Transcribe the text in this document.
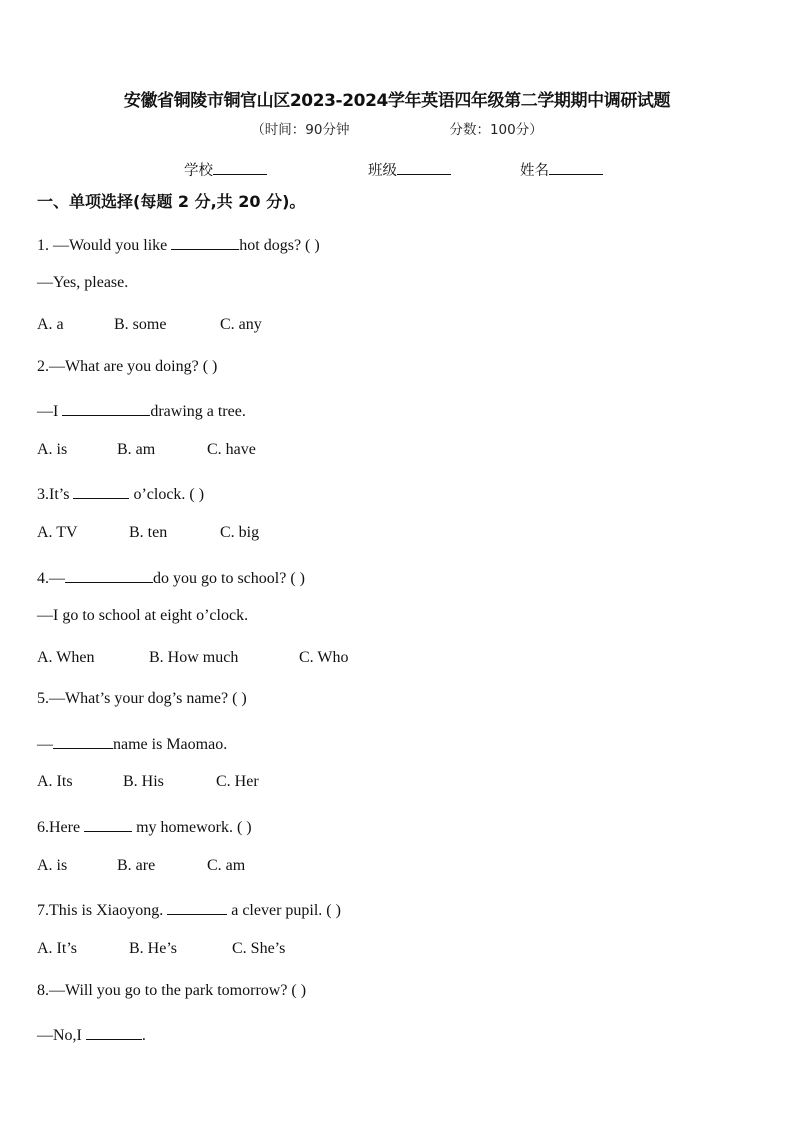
安徽省铜陵市铜官山区2023-2024学年英语四年级第二学期期中调研试题
（时间：90分钟	分数：100分）
学校	班级	姓名
一、单项选择(每题 2 分,共 20 分)。
1. —Would you like	hot dogs? ( )
—Yes, please.
A. a	B. some	C. any
2.—What are you doing? ( )
—I	drawing a tree.
A. is	B. am	C. have
3.It’s	o’clock. ( )
A. TV	B. ten	C. big
4.—	do you go to school? ( )
—I go to school at eight o’clock.
A. When	B. How much	C. Who
5.—What’s your dog’s name? ( )
—	name is Maomao.
A. Its	B. His	C. Her
6.Here	my homework. ( )
A. is	B. are	C. am
7.This is Xiaoyong.	a clever pupil. ( )
A. It’s	B. He’s	C. She’s
8.—Will you go to the park tomorrow? ( )
—No,I	.
